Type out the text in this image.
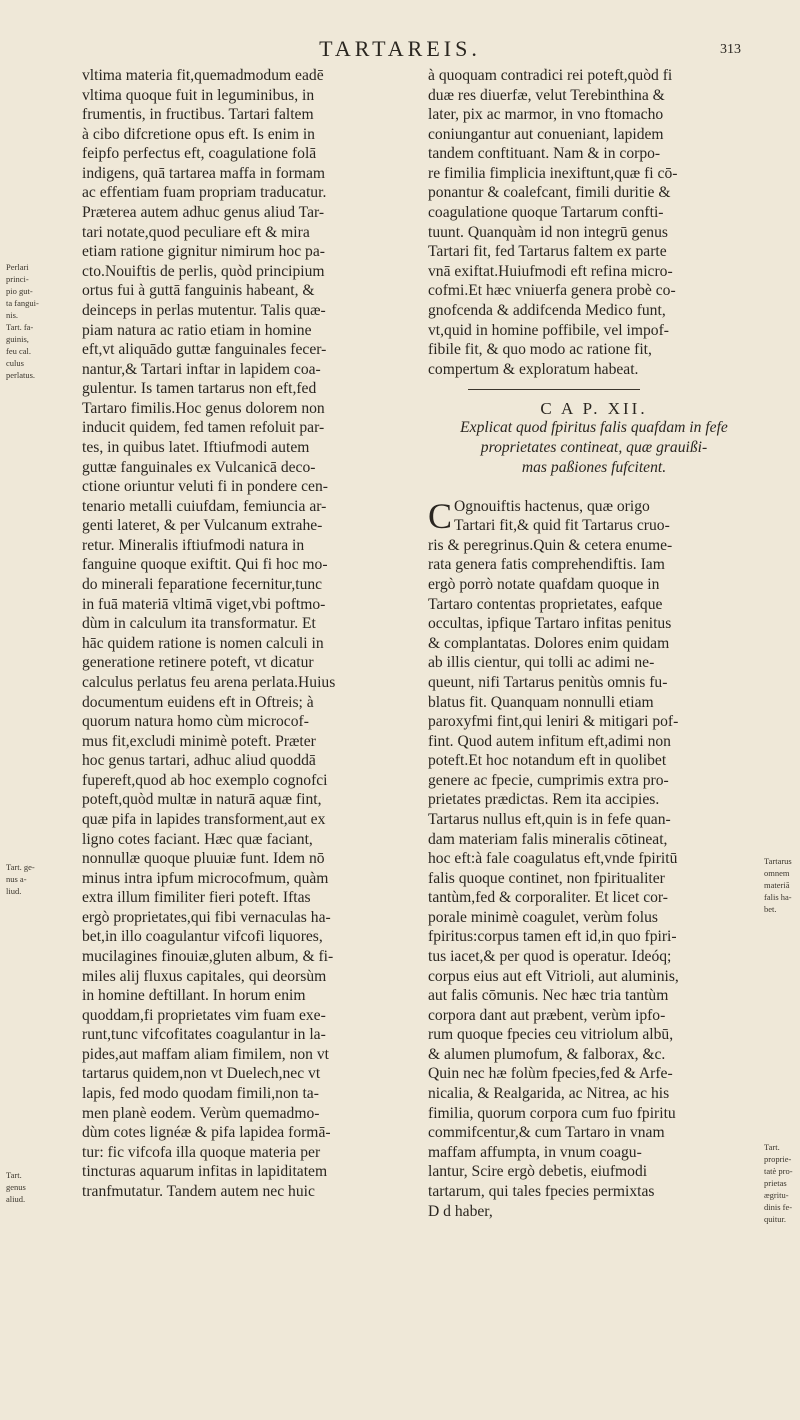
TARTAREIS.	313
vltima materia fit,quemadmodum eadē
vltima quoque fuit in leguminibus, in
frumentis, in fructibus. Tartari faltem
à cibo difcretione opus eft. Is enim in
feipfo perfectus eft, coagulatione folā
indigens, quā tartarea maffa in formam
ac effentiam fuam propriam traducatur.
Præterea autem adhuc genus aliud Tar-
tari notate,quod peculiare eft & mira
etiam ratione gignitur nimirum hoc pa-
cto.Nouiftis de perlis, quòd principium
ortus fui à guttā fanguinis habeant, &
deinceps in perlas mutentur. Talis quæ-
piam natura ac ratio etiam in homine
eft,vt aliquādo guttæ fanguinales fecer-
nantur,& Tartari inftar in lapidem coa-
gulentur. Is tamen tartarus non eft,fed
Tartaro fimilis.Hoc genus dolorem non
inducit quidem, fed tamen refoluit par-
tes, in quibus latet. Iftiufmodi autem
guttæ fanguinales ex Vulcanicā deco-
ctione oriuntur veluti fi in pondere cen-
tenario metalli cuiufdam, femiuncia ar-
genti lateret, & per Vulcanum extrahe-
retur. Mineralis iftiufmodi natura in
fanguine quoque exiftit. Qui fi hoc mo-
do minerali feparatione fecernitur,tunc
in fuā materiā vltimā viget,vbi poftmo-
dùm in calculum ita transformatur. Et
hāc quidem ratione is nomen calculi in
generatione retinere poteft, vt dicatur
calculus perlatus feu arena perlata.Huius
documentum euidens eft in Oftreis; à
quorum natura homo cùm microcof-
mus fit,excludi minimè poteft. Præter
hoc genus tartari, adhuc aliud quoddā
fupereft,quod ab hoc exemplo cognofci
poteft,quòd multæ in naturā aquæ fint,
quæ pifa in lapides transforment,aut ex
ligno cotes faciant. Hæc quæ faciant,
nonnullæ quoque pluuiæ funt. Idem nō
minus intra ipfum microcofmum, quàm
extra illum fimiliter fieri poteft. Iftas
ergò proprietates,qui fibi vernaculas ha-
bet,in illo coagulantur vifcofi liquores,
mucilagines finouiæ,gluten album, & fi-
miles alij fluxus capitales, qui deorsùm
in homine deftillant. In horum enim
quoddam,fi proprietates vim fuam exe-
runt,tunc vifcofitates coagulantur in la-
pides,aut maffam aliam fimilem, non vt
tartarus quidem,non vt Duelech,nec vt
lapis, fed modo quodam fimili,non ta-
men planè eodem. Verùm quemadmo-
dùm cotes lignéæ & pifa lapidea formā-
tur: fic vifcofa illa quoque materia per
tincturas aquarum infitas in lapiditatem
tranfmutatur. Tandem autem nec huic
à quoquam contradici rei poteft,quòd fi
duæ res diuerfæ, velut Terebinthina &
later, pix ac marmor, in vno ftomacho
coniungantur aut conueniant, lapidem
tandem conftituant. Nam & in corpo-
re fimilia fimplicia inexiftunt,quæ fi cō-
ponantur & coalefcant, fimili duritie &
coagulatione quoque Tartarum confti-
tuunt. Quanquàm id non integrū genus
Tartari fit, fed Tartarus faltem ex parte
vnā exiftat.Huiufmodi eft refina micro-
cofmi.Et hæc vniuerfa genera probè co-
gnofcenda & addifcenda Medico funt,
vt,quid in homine poffibile, vel impof-
fibile fit, & quo modo ac ratione fit,
compertum & exploratum habeat.
C A P. XII.
Explicat quod fpiritus falis quafdam in fefe
proprietates contineat, quæ grauißi-
mas paßiones fufcitent.
C Ognouiftis hactenus, quæ origo
Tartari fit,& quid fit Tartarus cruo-
ris & peregrinus.Quin & cetera enume-
rata genera fatis comprehendiftis. Iam
ergò porrò notate quafdam quoque in
Tartaro contentas proprietates, eafque
occultas, ipfique Tartaro infitas penitus
& complantatas. Dolores enim quidam
ab illis cientur, qui tolli ac adimi ne-
queunt, nifi Tartarus penitùs omnis fu-
blatus fit. Quanquam nonnulli etiam
paroxyfmi fint,qui leniri & mitigari pof-
fint. Quod autem infitum eft,adimi non
poteft.Et hoc notandum eft in quolibet
genere ac fpecie, cumprimis extra pro-
prietates prædictas. Rem ita accipies.
Tartarus nullus eft,quin is in fefe quan-
dam materiam falis mineralis cōtineat,
hoc eft:à fale coagulatus eft,vnde fpiritū
falis quoque continet, non fpiritualiter
tantùm,fed & corporaliter. Et licet cor-
porale minimè coagulet, verùm folus
fpiritus:corpus tamen eft id,in quo fpiri-
tus iacet,& per quod is operatur. Ideóq;
corpus eius aut eft Vitrioli, aut aluminis,
aut falis cōmunis. Nec hæc tria tantùm
corpora dant aut præbent, verùm ipfo-
rum quoque fpecies ceu vitriolum albū,
& alumen plumofum, & falborax, &c.
Quin nec hæ folùm fpecies,fed & Arfe-
nicalia, & Realgarida, ac Nitrea, ac his
fimilia, quorum corpora cum fuo fpiritu
commifcentur,& cum Tartaro in vnam
maffam affumpta, in vnum coagu-
lantur, Scire ergò debetis, eiufmodi
tartarum, qui tales fpecies permixtas
D d haber,
Perlari
princi-
pio gut-
ta fangui-
nis.
Tart. fa-
guinis,
feu cal.
culus
perlatus.
Tart. ge-
nus a-
liud.
Tart.
genus
aliud.
Tartarus
omnem
materiā
falis ha-
bet.
Tart.
proprie-
tatè pro-
prietas
ægritu-
dinis fe-
quitur.
